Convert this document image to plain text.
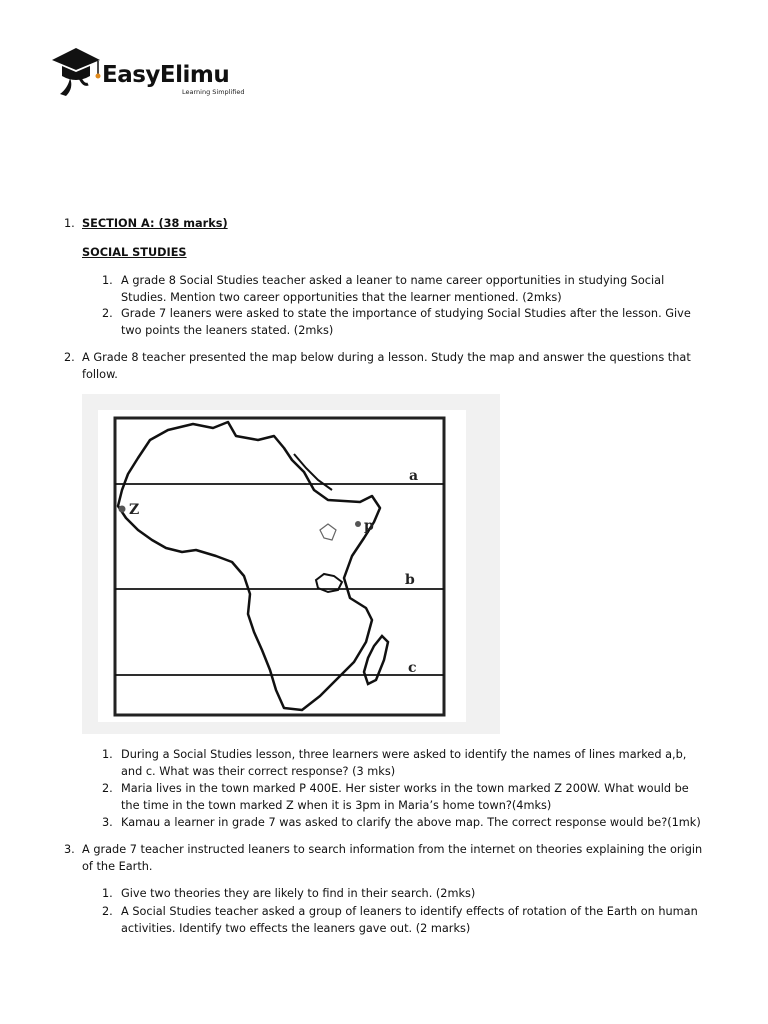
EasyElimu
Learning Simplified
1. SECTION A: (38 marks)
SOCIAL STUDIES
1. A grade 8 Social Studies teacher asked a leaner to name career opportunities in studying Social
Studies. Mention two career opportunities that the learner mentioned. (2mks)
2. Grade 7 leaners were asked to state the importance of studying Social Studies after the lesson. Give
two points the leaners stated. (2mks)
2. A Grade 8 teacher presented the map below during a lesson. Study the map and answer the questions that
follow.
a
b
c
Z
p
1. During a Social Studies lesson, three learners were asked to identify the names of lines marked a,b,
and c. What was their correct response? (3 mks)
2. Maria lives in the town marked P 400E. Her sister works in the town marked Z 200W. What would be
the time in the town marked Z when it is 3pm in Maria’s home town?(4mks)
3. Kamau a learner in grade 7 was asked to clarify the above map. The correct response would be?(1mk)
3. A grade 7 teacher instructed leaners to search information from the internet on theories explaining the origin
of the Earth.
1. Give two theories they are likely to find in their search. (2mks)
2. A Social Studies teacher asked a group of leaners to identify effects of rotation of the Earth on human
activities. Identify two effects the leaners gave out. (2 marks)
